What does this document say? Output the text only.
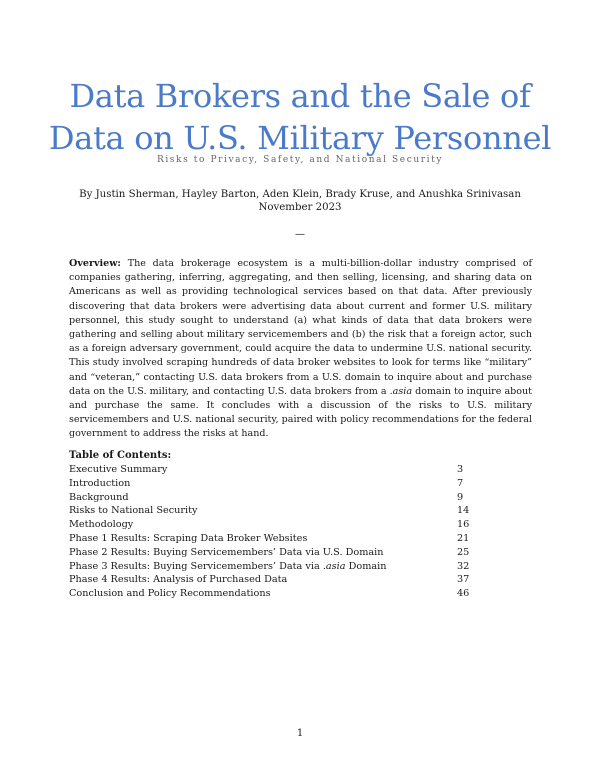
Data Brokers and the Sale of
Data on U.S. Military Personnel
Risks to Privacy, Safety, and National Security
By Justin Sherman, Hayley Barton, Aden Klein, Brady Kruse, and Anushka Srinivasan
November 2023
—

Overview: The data brokerage ecosystem is a multi-billion-dollar industry comprised of companies gathering, inferring, aggregating, and then selling, licensing, and sharing data on Americans as well as providing technological services based on that data. After previously discovering that data brokers were advertising data about current and former U.S. military personnel, this study sought to understand (a) what kinds of data that data brokers were gathering and selling about military servicemembers and (b) the risk that a foreign actor, such as a foreign adversary government, could acquire the data to undermine U.S. national security. This study involved scraping hundreds of data broker websites to look for terms like “military” and “veteran,” contacting U.S. data brokers from a U.S. domain to inquire about and purchase data on the U.S. military, and contacting U.S. data brokers from a .asia domain to inquire about and purchase the same. It concludes with a discussion of the risks to U.S. military servicemembers and U.S. national security, paired with policy recommendations for the federal government to address the risks at hand.

Table of Contents:
Executive Summary	3
Introduction	7
Background	9
Risks to National Security	14
Methodology	16
Phase 1 Results: Scraping Data Broker Websites	21
Phase 2 Results: Buying Servicemembers’ Data via U.S. Domain	25
Phase 3 Results: Buying Servicemembers’ Data via .asia Domain	32
Phase 4 Results: Analysis of Purchased Data	37
Conclusion and Policy Recommendations	46
1
